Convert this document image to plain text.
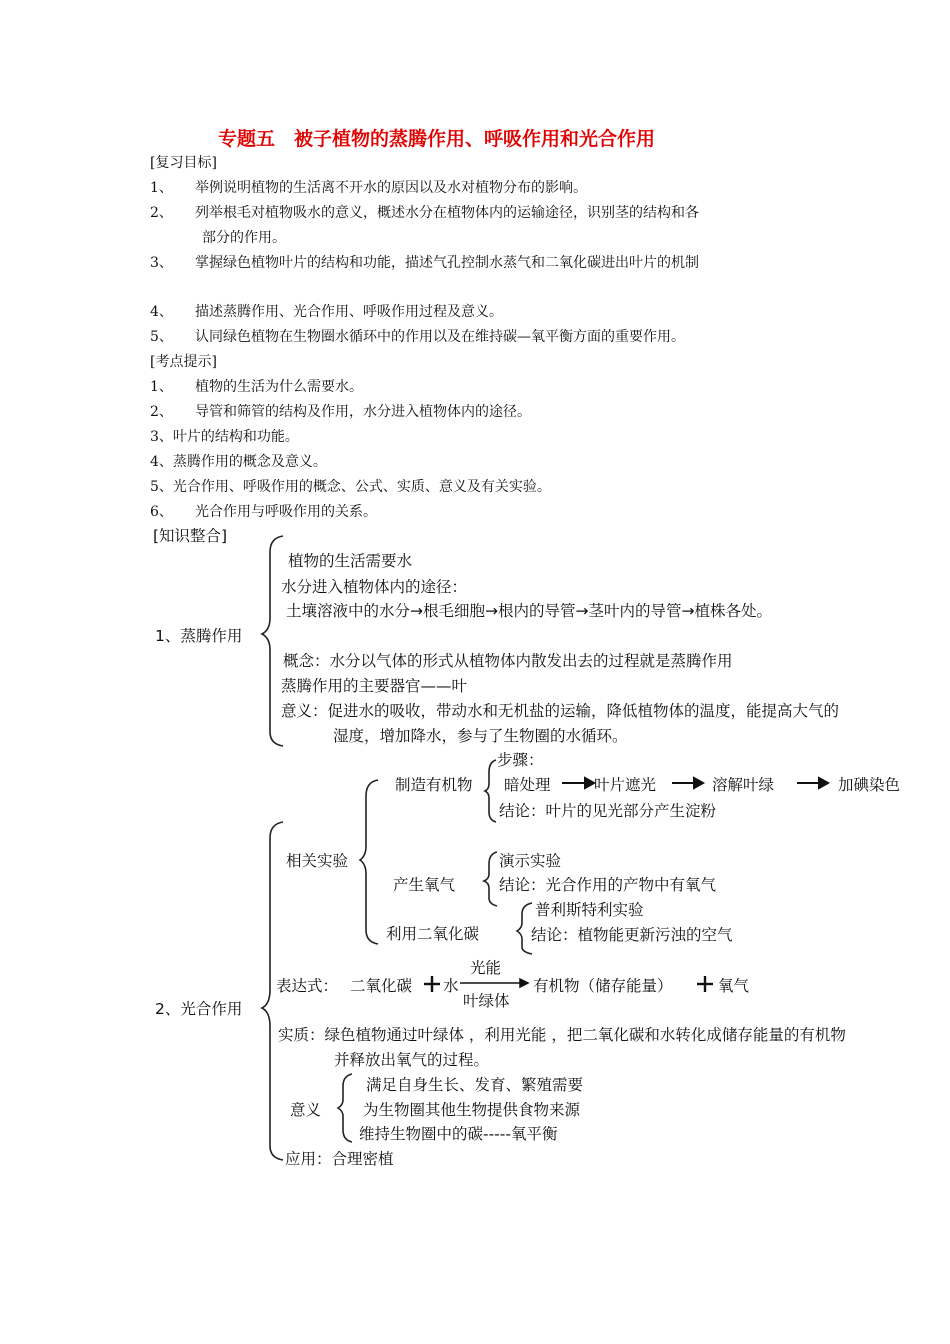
专题五　被子植物的蒸腾作用、呼吸作用和光合作用
[复习目标]
1、 举例说明植物的生活离不开水的原因以及水对植物分布的影响。
2、 列举根毛对植物吸水的意义，概述水分在植物体内的运输途径，识别茎的结构和各
部分的作用。
3、 掌握绿色植物叶片的结构和功能，描述气孔控制水蒸气和二氧化碳进出叶片的机制
4、 描述蒸腾作用、光合作用、呼吸作用过程及意义。
5、 认同绿色植物在生物圈水循环中的作用以及在维持碳—氧平衡方面的重要作用。
[考点提示]
1、 植物的生活为什么需要水。
2、 导管和筛管的结构及作用，水分进入植物体内的途径。
3、叶片的结构和功能。
4、蒸腾作用的概念及意义。
5、光合作用、呼吸作用的概念、公式、实质、意义及有关实验。
6、 光合作用与呼吸作用的关系。
[知识整合]
1、蒸腾作用
植物的生活需要水
水分进入植物体内的途径：
土壤溶液中的水分→根毛细胞→根内的导管→茎叶内的导管→植株各处。
概念：水分以气体的形式从植物体内散发出去的过程就是蒸腾作用
蒸腾作用的主要器官——叶
意义：促进水的吸收，带动水和无机盐的运输，降低植物体的温度，能提高大气的
湿度，增加降水，参与了生物圈的水循环。
2、光合作用
相关实验
制造有机物
步骤：
暗处理	叶片遮光	溶解叶绿	加碘染色
结论：叶片的见光部分产生淀粉
产生氧气
演示实验
结论：光合作用的产物中有氧气
利用二氧化碳
普利斯特利实验
结论：植物能更新污浊的空气
表达式： 二氧化碳 水
光能
叶绿体
有机物（储存能量）	氧气
实质：绿色植物通过叶绿体 ，利用光能 ，把二氧化碳和水转化成储存能量的有机物
并释放出氧气的过程。
意义
满足自身生长、发育、繁殖需要
为生物圈其他生物提供食物来源
维持生物圈中的碳-----氧平衡
应用：合理密植
